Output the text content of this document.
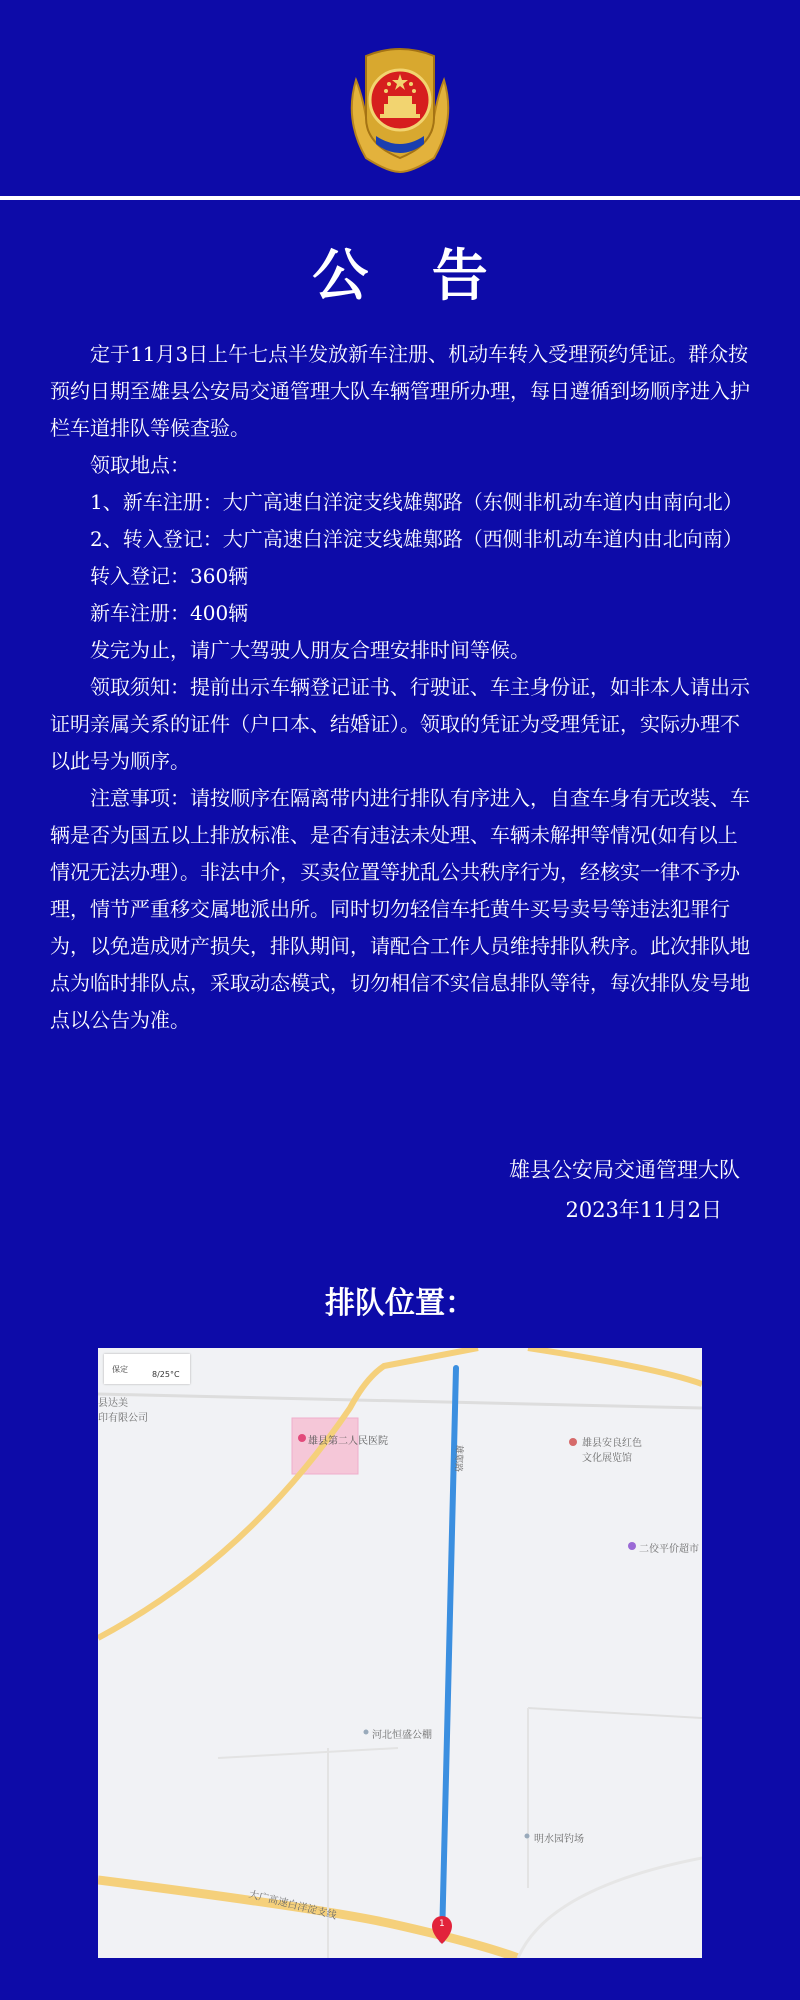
公 告

定于11月3日上午七点半发放新车注册、机动车转入受理预约凭证。群众按预约日期至雄县公安局交通管理大队车辆管理所办理，每日遵循到场顺序进入护栏车道排队等候查验。

领取地点：

1、新车注册：大广高速白洋淀支线雄鄚路（东侧非机动车道内由南向北）

2、转入登记：大广高速白洋淀支线雄鄚路（西侧非机动车道内由北向南）

转入登记：360辆

新车注册：400辆

发完为止，请广大驾驶人朋友合理安排时间等候。

领取须知：提前出示车辆登记证书、行驶证、车主身份证，如非本人请出示证明亲属关系的证件（户口本、结婚证）。领取的凭证为受理凭证，实际办理不以此号为顺序。

注意事项：请按顺序在隔离带内进行排队有序进入，自查车身有无改装、车辆是否为国五以上排放标准、是否有违法未处理、车辆未解押等情况(如有以上情况无法办理）。非法中介，买卖位置等扰乱公共秩序行为，经核实一律不予办理，情节严重移交属地派出所。同时切勿轻信车托黄牛买号卖号等违法犯罪行为，以免造成财产损失，排队期间，请配合工作人员维持排队秩序。此次排队地点为临时排队点，采取动态模式，切勿相信不实信息排队等待，每次排队发号地点以公告为准。

雄县公安局交通管理大队
2023年11月2日
排队位置：
保定
8/25°C
县达美
印有限公司
雄县第二人民医院	雄县安良红色
文化展览馆
二佼平价超市
河北恒盛公棚
明水园钓场
大广高速白洋淀支线
雄鄚路
1
